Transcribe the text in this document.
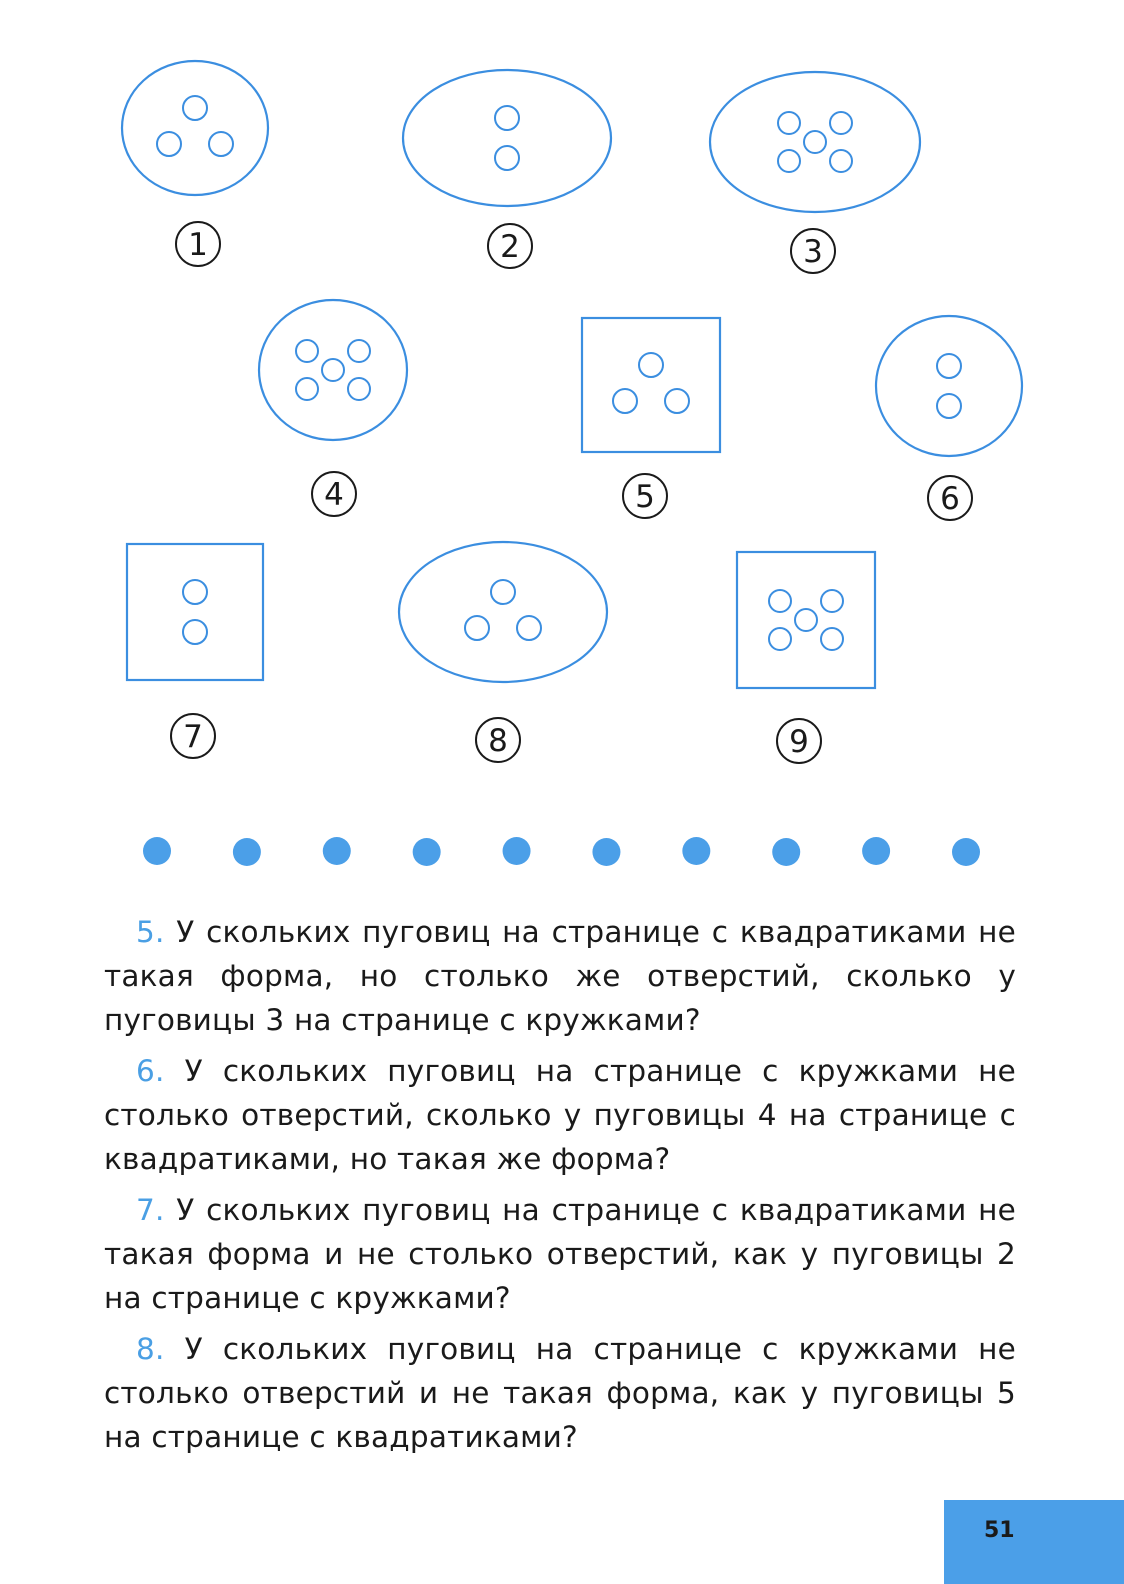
1	2	3
4	5	6
7	8	9

5. У скольких пуговиц на странице с квадратиками не такая форма, но столько же отверстий, сколько у пуговицы 3 на странице с кружками?

6. У скольких пуговиц на странице с кружками не столько отверстий, сколько у пуговицы 4 на странице с квадратиками, но такая же форма?

7. У скольких пуговиц на странице с квадратиками не такая форма и не столько отверстий, как у пуговицы 2 на странице с кружками?

8. У скольких пуговиц на странице с кружками не столько отверстий и не такая форма, как у пуговицы 5 на странице с квадратиками?

51
